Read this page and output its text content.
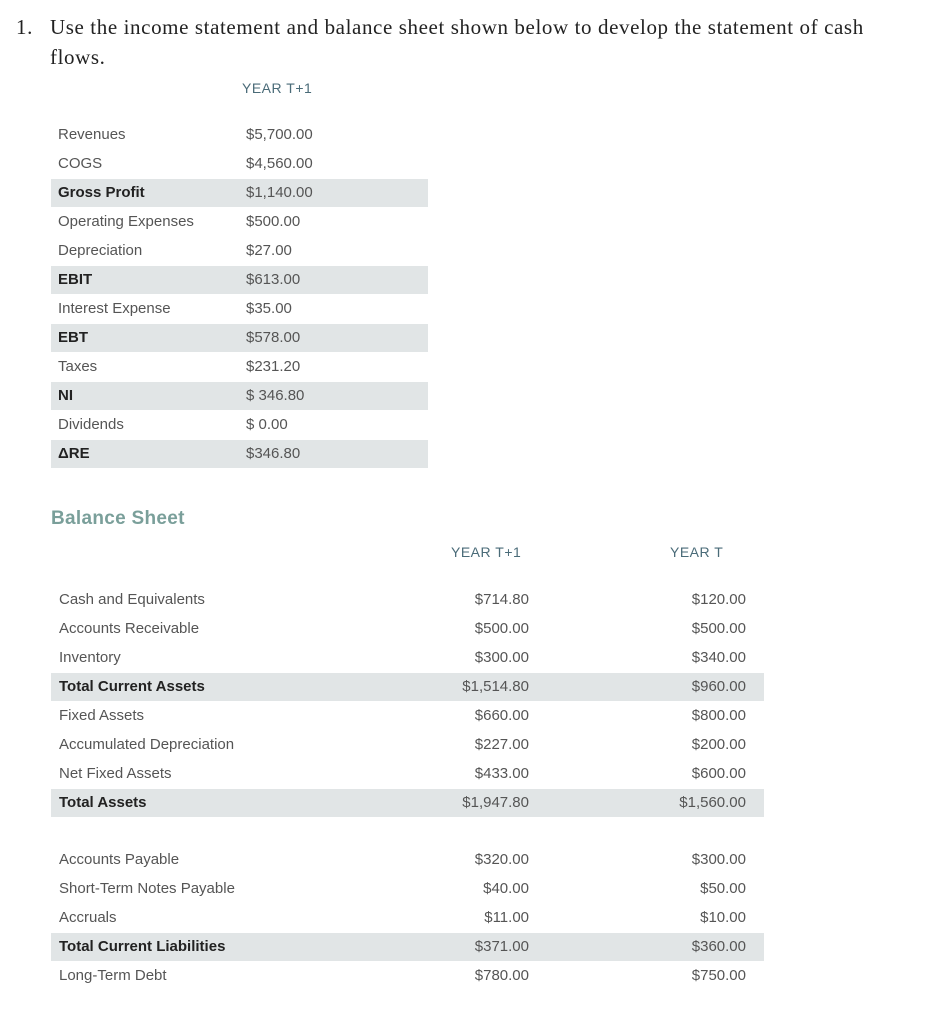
1. Use the income statement and balance sheet shown below to develop the statement of cash flows.
YEAR T+1
Revenues	$5,700.00
COGS	$4,560.00
Gross Profit	$1,140.00
Operating Expenses	$500.00
Depreciation	$27.00
EBIT	$613.00
Interest Expense	$35.00
EBT	$578.00
Taxes	$231.20
NI	$ 346.80
Dividends	$ 0.00
ΔRE	$346.80
Balance Sheet
YEAR T+1	YEAR T
Cash and Equivalents	$714.80	$120.00
Accounts Receivable	$500.00	$500.00
Inventory	$300.00	$340.00
Total Current Assets	$1,514.80	$960.00
Fixed Assets	$660.00	$800.00
Accumulated Depreciation	$227.00	$200.00
Net Fixed Assets	$433.00	$600.00
Total Assets	$1,947.80	$1,560.00
Accounts Payable	$320.00	$300.00
Short-Term Notes Payable	$40.00	$50.00
Accruals	$11.00	$10.00
Total Current Liabilities	$371.00	$360.00
Long-Term Debt	$780.00	$750.00
